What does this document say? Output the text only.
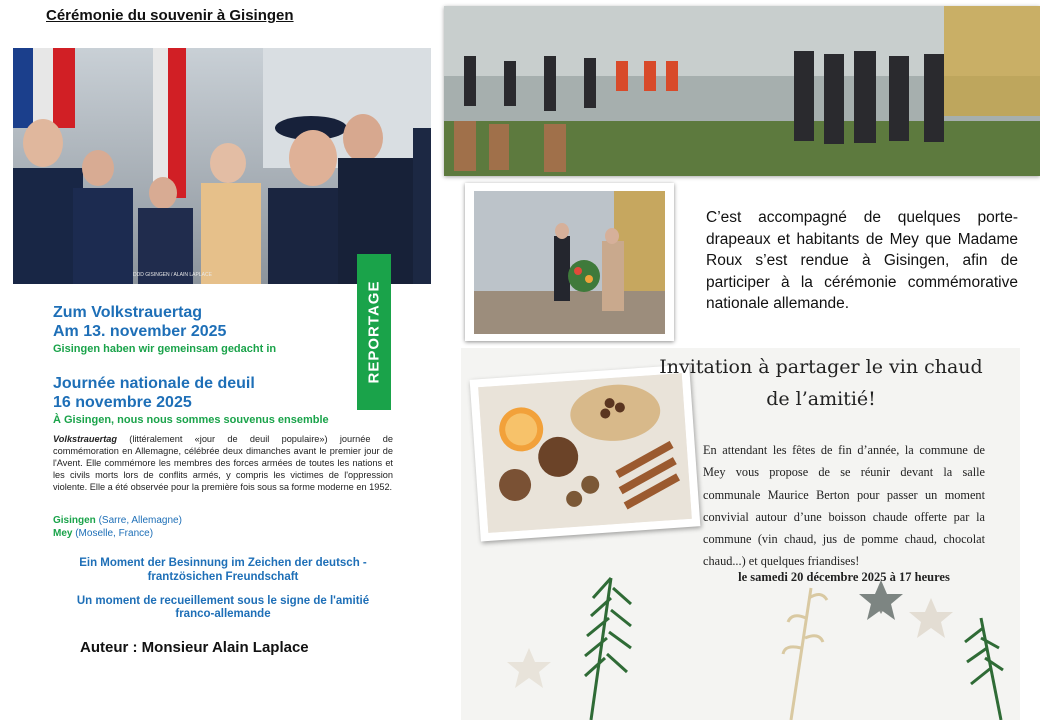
Cérémonie du souvenir à Gisingen
DDD GISINGEN / ALAIN LAPLACE
REPORTAGE
Zum Volkstrauertag
Am 13. november 2025
Gisingen haben wir gemeinsam gedacht in
Journée nationale de deuil
16 novembre 2025
À Gisingen, nous nous sommes souvenus ensemble
Volkstrauertag (littéralement «jour de deuil populaire») journée de commémoration en Allemagne, célébrée deux dimanches avant le premier jour de l'Avent. Elle commémore les membres des forces armées de toutes les nations et les civils morts lors de conflits armés, y compris les victimes de l'oppression violente. Elle a été observée pour la première fois sous sa forme moderne en 1952.
Gisingen (Sarre, Allemagne)
Mey (Moselle, France)
Ein Moment der Besinnung im Zeichen der deutsch -
frantzösichen Freundschaft
Un moment de recueillement sous le signe de l'amitié
franco-allemande
Auteur : Monsieur Alain Laplace
C’est accompagné de quelques porte-drapeaux et habitants de Mey que Madame Roux s’est rendue à Gisingen, afin de participer à la cérémonie commémorative nationale allemande.
Invitation à partager le vin chaud
de l’amitié!
En attendant les fêtes de fin d’année, la commune de Mey vous propose de se réunir devant la salle communale Maurice Berton pour passer un moment convivial autour d’une boisson chaude offerte par la commune (vin chaud, jus de pomme chaud, chocolat chaud...) et quelques friandises!
le samedi 20 décembre 2025 à 17 heures
